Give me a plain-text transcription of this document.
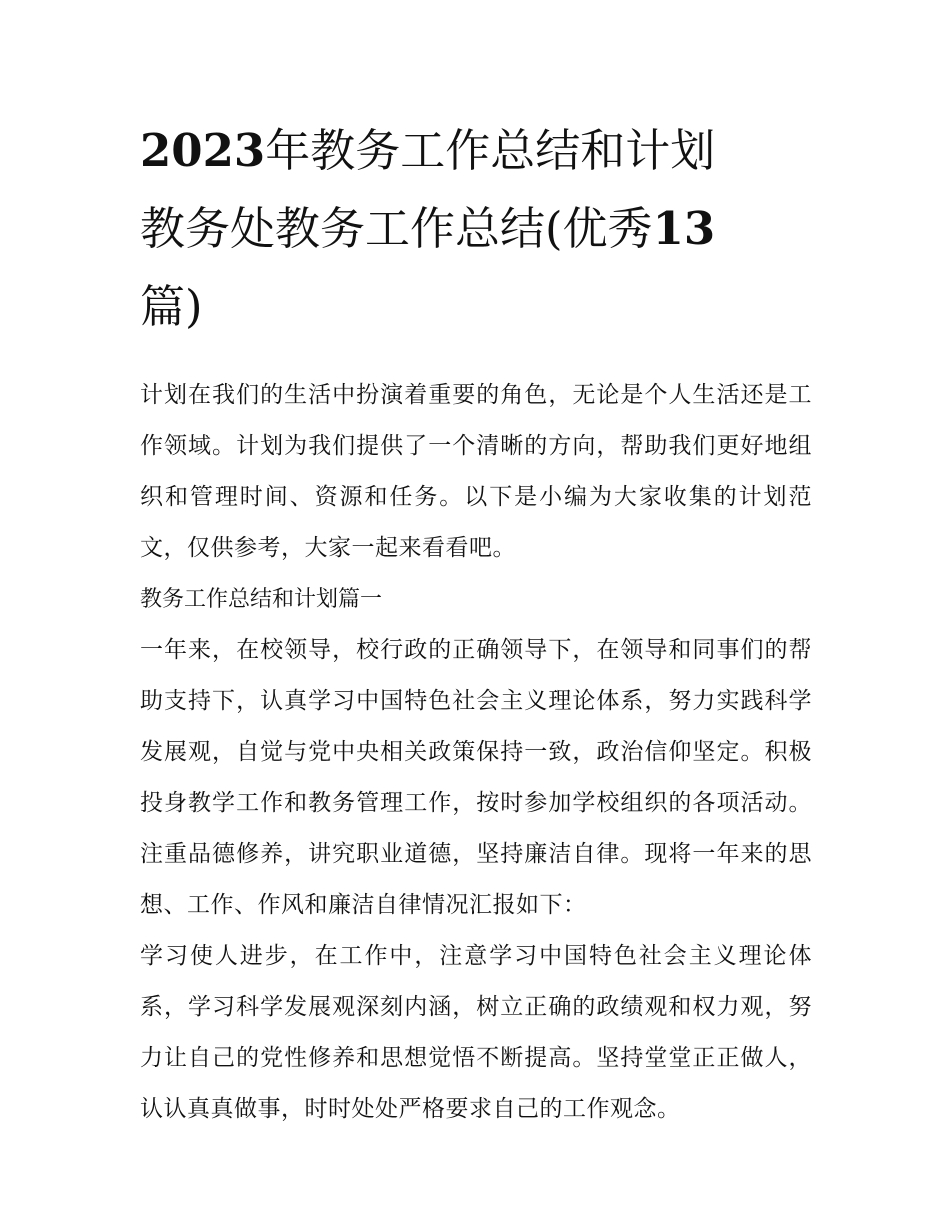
2023年教务工作总结和计划
教务处教务工作总结(优秀13
篇)

计划在我们的生活中扮演着重要的角色，无论是个人生活还是工作领域。计划为我们提供了一个清晰的方向，帮助我们更好地组织和管理时间、资源和任务。以下是小编为大家收集的计划范文，仅供参考，大家一起来看看吧。

教务工作总结和计划篇一

一年来，在校领导，校行政的正确领导下，在领导和同事们的帮助支持下，认真学习中国特色社会主义理论体系，努力实践科学发展观，自觉与党中央相关政策保持一致，政治信仰坚定。积极投身教学工作和教务管理工作，按时参加学校组织的各项活动。注重品德修养，讲究职业道德，坚持廉洁自律。现将一年来的思想、工作、作风和廉洁自律情况汇报如下：

学习使人进步，在工作中，注意学习中国特色社会主义理论体系，学习科学发展观深刻内涵，树立正确的政绩观和权力观，努力让自己的党性修养和思想觉悟不断提高。坚持堂堂正正做人，认认真真做事，时时处处严格要求自己的工作观念。
